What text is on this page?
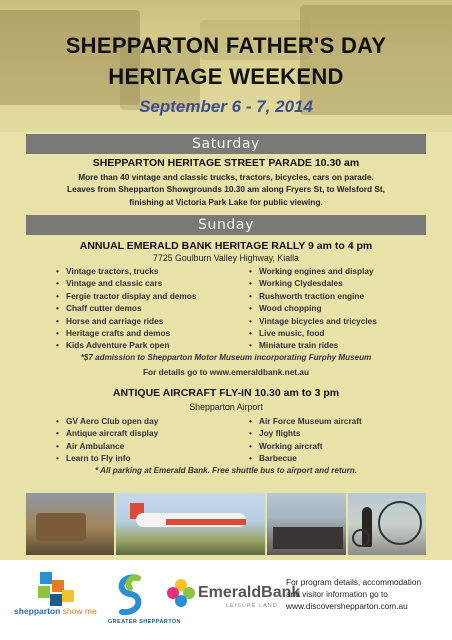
SHEPPARTON FATHER'S DAY
HERITAGE WEEKEND
September 6 - 7, 2014
Saturday
SHEPPARTON HERITAGE STREET PARADE 10.30 am
More than 40 vintage and classic trucks, tractors, bicycles, cars on parade.
Leaves from Shepparton Showgrounds 10.30 am along Fryers St, to Welsford St,
finishing at Victoria Park Lake for public viewing.
Sunday
ANNUAL EMERALD BANK HERITAGE RALLY 9 am to 4 pm
7725 Goulburn Valley Highway, Kialla
• Vintage tractors, trucks
• Vintage and classic cars
• Fergie tractor display and demos
• Chaff cutter demos
• Horse and carriage rides
• Heritage crafts and demos
• Kids Adventure Park open
• Working engines and display
• Working Clydesdales
• Rushworth traction engine
• Wood chopping
• Vintage bicycles and tricycles
• Live music, food
• Miniature train rides
*$7 admission to Shepparton Motor Museum incorporating Furphy Museum
For details go to www.emeraldbank.net.au
ANTIQUE AIRCRAFT FLY-IN 10.30 am to 3 pm
Shepparton Airport
• GV Aero Club open day
• Antique aircraft display
• Air Ambulance
• Learn to Fly info
• Air Force Museum aircraft
• Joy flights
• Working aircraft
• Barbecue
* All parking at Emerald Bank. Free shuttle bus to airport and return.
shepparton show me
GREATER SHEPPARTON
EmeraldBank
LEISURE LAND
For program details, accommodation
and visitor information go to
www.discovershepparton.com.au
